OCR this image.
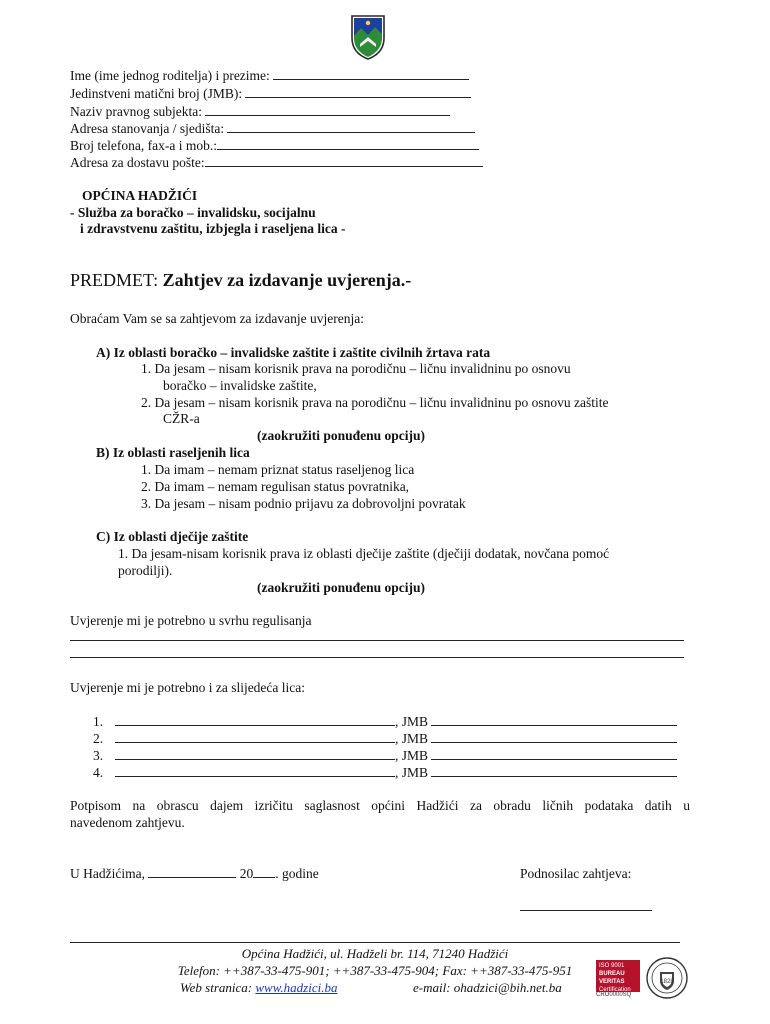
Ime (ime jednog roditelja) i prezime:
Jedinstveni matični broj (JMB):
Naziv pravnog subjekta:
Adresa stanovanja / sjedišta:
Broj telefona, fax-a i mob.:
Adresa za dostavu pošte:
OPĆINA HADŽIĆI
- Služba za boračko – invalidsku, socijalnu
i zdravstvenu zaštitu, izbjegla i raseljena lica -
PREDMET: Zahtjev za izdavanje uvjerenja.-
Obraćam Vam se sa zahtjevom za izdavanje uvjerenja:
A) Iz oblasti boračko – invalidske zaštite i zaštite civilnih žrtava rata
1. Da jesam – nisam korisnik prava na porodičnu – ličnu invalidninu po osnovu
boračko – invalidske zaštite,
2. Da jesam – nisam korisnik prava na porodičnu – ličnu invalidninu po osnovu zaštite
CŽR-a
(zaokružiti ponuđenu opciju)
B) Iz oblasti raseljenih lica
1. Da imam – nemam priznat status raseljenog lica
2. Da imam – nemam regulisan status povratnika,
3. Da jesam – nisam podnio prijavu za dobrovoljni povratak
C) Iz oblasti dječije zaštite
1. Da jesam-nisam korisnik prava iz oblasti dječije zaštite (dječiji dodatak, novčana pomoć
porodilji).
(zaokružiti ponuđenu opciju)
Uvjerenje mi je potrebno u svrhu regulisanja
Uvjerenje mi je potrebno i za slijedeća lica:
1.	, JMB
2.	, JMB
3.	, JMB
4.	, JMB
Potpisom na obrascu dajem izričitu saglasnost općini Hadžići za obradu ličnih podataka datih u
navedenom zahtjevu.
U Hadžićima,	20 . godine	Podnosilac zahtjeva:
Općina Hadžići, ul. Hadželi br. 114, 71240 Hadžići
Telefon: ++387-33-475-901; ++387-33-475-904; Fax: ++387-33-475-951
Web stranica: www.hadzici.ba	e-mail: ohadzici@bih.net.ba
ISO 9001
BUREAU VERITAS
Certification
CRO0000SQ
1828
